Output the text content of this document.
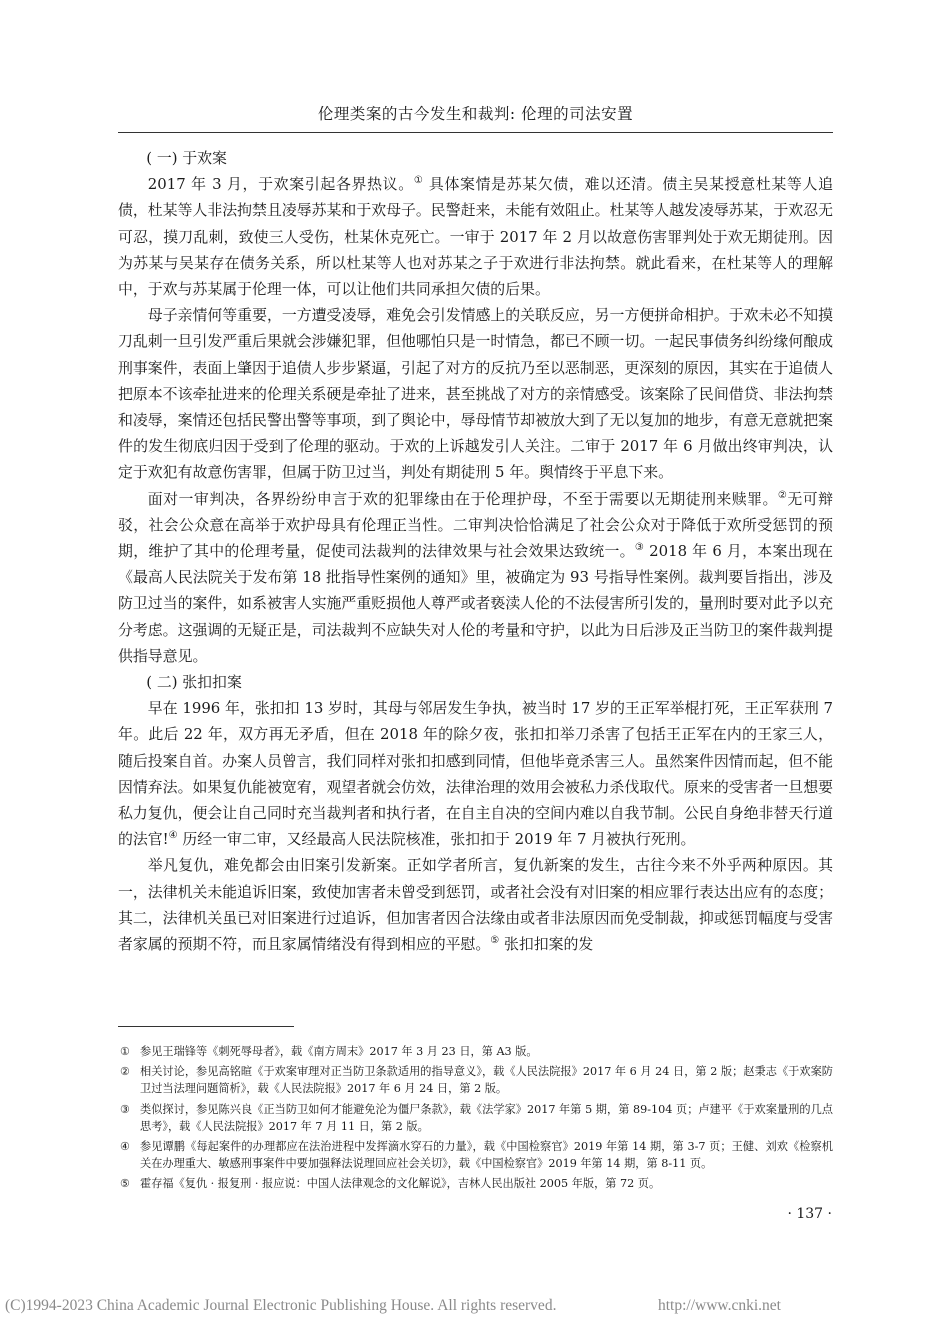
伦理类案的古今发生和裁判: 伦理的司法安置

( 一) 于欢案

2017 年 3 月，于欢案引起各界热议。① 具体案情是苏某欠债，难以还清。债主吴某授意杜某等人追债，杜某等人非法拘禁且凌辱苏某和于欢母子。民警赶来，未能有效阻止。杜某等人越发凌辱苏某，于欢忍无可忍，摸刀乱刺，致使三人受伤，杜某休克死亡。一审于 2017 年 2 月以故意伤害罪判处于欢无期徒刑。因为苏某与吴某存在债务关系，所以杜某等人也对苏某之子于欢进行非法拘禁。就此看来，在杜某等人的理解中，于欢与苏某属于伦理一体，可以让他们共同承担欠债的后果。

母子亲情何等重要，一方遭受凌辱，难免会引发情感上的关联反应，另一方便拼命相护。于欢未必不知摸刀乱刺一旦引发严重后果就会涉嫌犯罪，但他哪怕只是一时情急，都已不顾一切。一起民事债务纠纷缘何酿成刑事案件，表面上肇因于追债人步步紧逼，引起了对方的反抗乃至以恶制恶，更深刻的原因，其实在于追债人把原本不该牵扯进来的伦理关系硬是牵扯了进来，甚至挑战了对方的亲情感受。该案除了民间借贷、非法拘禁和凌辱，案情还包括民警出警等事项，到了舆论中，辱母情节却被放大到了无以复加的地步，有意无意就把案件的发生彻底归因于受到了伦理的驱动。于欢的上诉越发引人关注。二审于 2017 年 6 月做出终审判决，认定于欢犯有故意伤害罪，但属于防卫过当，判处有期徒刑 5 年。舆情终于平息下来。

面对一审判决，各界纷纷申言于欢的犯罪缘由在于伦理护母，不至于需要以无期徒刑来赎罪。②无可辩驳，社会公众意在高举于欢护母具有伦理正当性。二审判决恰恰满足了社会公众对于降低于欢所受惩罚的预期，维护了其中的伦理考量，促使司法裁判的法律效果与社会效果达致统一。③ 2018 年 6 月，本案出现在《最高人民法院关于发布第 18 批指导性案例的通知》里，被确定为 93 号指导性案例。裁判要旨指出，涉及防卫过当的案件，如系被害人实施严重贬损他人尊严或者亵渎人伦的不法侵害所引发的，量刑时要对此予以充分考虑。这强调的无疑正是，司法裁判不应缺失对人伦的考量和守护，以此为日后涉及正当防卫的案件裁判提供指导意见。

( 二) 张扣扣案

早在 1996 年，张扣扣 13 岁时，其母与邻居发生争执，被当时 17 岁的王正军举棍打死，王正军获刑 7 年。此后 22 年，双方再无矛盾，但在 2018 年的除夕夜，张扣扣举刀杀害了包括王正军在内的王家三人，随后投案自首。办案人员曾言，我们同样对张扣扣感到同情，但他毕竟杀害三人。虽然案件因情而起，但不能因情弃法。如果复仇能被宽宥，观望者就会仿效，法律治理的效用会被私力杀伐取代。原来的受害者一旦想要私力复仇，便会让自己同时充当裁判者和执行者，在自主自决的空间内难以自我节制。公民自身绝非替天行道的法官!④ 历经一审二审，又经最高人民法院核准，张扣扣于 2019 年 7 月被执行死刑。

举凡复仇，难免都会由旧案引发新案。正如学者所言，复仇新案的发生，古往今来不外乎两种原因。其一，法律机关未能追诉旧案，致使加害者未曾受到惩罚，或者社会没有对旧案的相应罪行表达出应有的态度；其二，法律机关虽已对旧案进行过追诉，但加害者因合法缘由或者非法原因而免受制裁，抑或惩罚幅度与受害者家属的预期不符，而且家属情绪没有得到相应的平慰。⑤ 张扣扣案的发

① 参见王瑞锋等《刺死辱母者》，载《南方周末》2017 年 3 月 23 日，第 A3 版。
② 相关讨论，参见高铭暄《于欢案审理对正当防卫条款适用的指导意义》，载《人民法院报》2017 年 6 月 24 日，第 2 版；赵秉志《于欢案防卫过当法理问题简析》，载《人民法院报》2017 年 6 月 24 日，第 2 版。
③ 类似探讨，参见陈兴良《正当防卫如何才能避免沦为僵尸条款》，载《法学家》2017 年第 5 期，第 89-104 页；卢建平《于欢案量刑的几点思考》，载《人民法院报》2017 年 7 月 11 日，第 2 版。
④ 参见谭鹏《每起案件的办理都应在法治进程中发挥滴水穿石的力量》，载《中国检察官》2019 年第 14 期，第 3-7 页；王健、刘欢《检察机关在办理重大、敏感刑事案件中要加强释法说理回应社会关切》，载《中国检察官》2019 年第 14 期，第 8-11 页。
⑤ 霍存福《复仇 · 报复刑 · 报应说：中国人法律观念的文化解说》，吉林人民出版社 2005 年版，第 72 页。
· 137 ·
(C)1994-2023 China Academic Journal Electronic Publishing House. All rights reserved.	http://www.cnki.net
